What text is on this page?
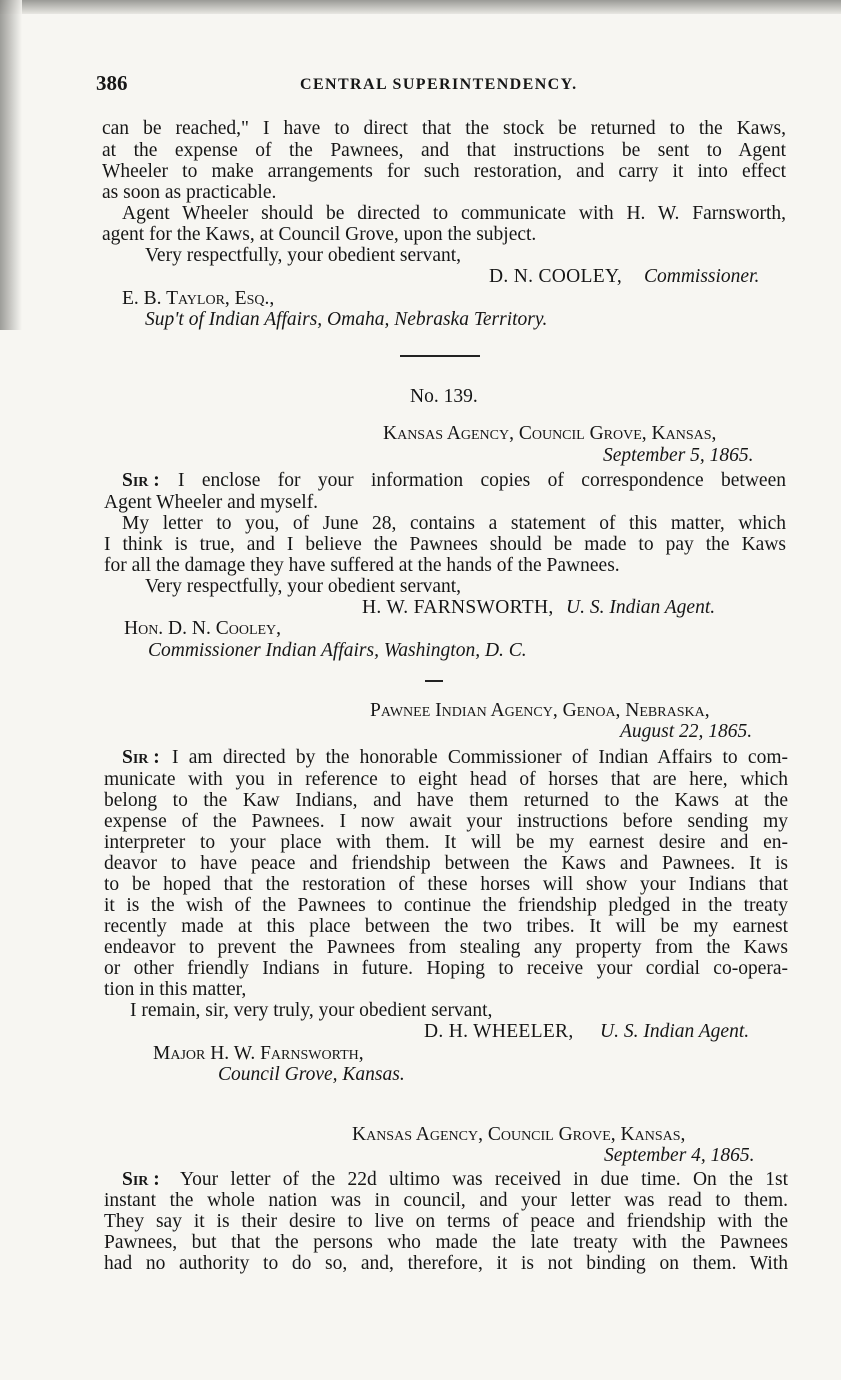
386	CENTRAL SUPERINTENDENCY.
can be reached," I have to direct that the stock be returned to the Kaws,
at the expense of the Pawnees, and that instructions be sent to Agent
Wheeler to make arrangements for such restoration, and carry it into effect
as soon as practicable.
Agent Wheeler should be directed to communicate with H. W. Farnsworth,
agent for the Kaws, at Council Grove, upon the subject.
Very respectfully, your obedient servant,
D. N. COOLEY, Commissioner.
E. B. Taylor, Esq.,
Sup't of Indian Affairs, Omaha, Nebraska Territory.
No. 139.
Kansas Agency, Council Grove, Kansas,
September 5, 1865.
Sir : I enclose for your information copies of correspondence between
Agent Wheeler and myself.
My letter to you, of June 28, contains a statement of this matter, which
I think is true, and I believe the Pawnees should be made to pay the Kaws
for all the damage they have suffered at the hands of the Pawnees.
Very respectfully, your obedient servant,
H. W. FARNSWORTH, U. S. Indian Agent.
Hon. D. N. Cooley,
Commissioner Indian Affairs, Washington, D. C.
Pawnee Indian Agency, Genoa, Nebraska,
August 22, 1865.
Sir : I am directed by the honorable Commissioner of Indian Affairs to com-
municate with you in reference to eight head of horses that are here, which
belong to the Kaw Indians, and have them returned to the Kaws at the
expense of the Pawnees. I now await your instructions before sending my
interpreter to your place with them. It will be my earnest desire and en-
deavor to have peace and friendship between the Kaws and Pawnees. It is
to be hoped that the restoration of these horses will show your Indians that
it is the wish of the Pawnees to continue the friendship pledged in the treaty
recently made at this place between the two tribes. It will be my earnest
endeavor to prevent the Pawnees from stealing any property from the Kaws
or other friendly Indians in future. Hoping to receive your cordial co-opera-
tion in this matter,
I remain, sir, very truly, your obedient servant,
D. H. WHEELER, U. S. Indian Agent.
Major H. W. Farnsworth,
Council Grove, Kansas.
Kansas Agency, Council Grove, Kansas,
September 4, 1865.
Sir : Your letter of the 22d ultimo was received in due time. On the 1st
instant the whole nation was in council, and your letter was read to them.
They say it is their desire to live on terms of peace and friendship with the
Pawnees, but that the persons who made the late treaty with the Pawnees
had no authority to do so, and, therefore, it is not binding on them. With
